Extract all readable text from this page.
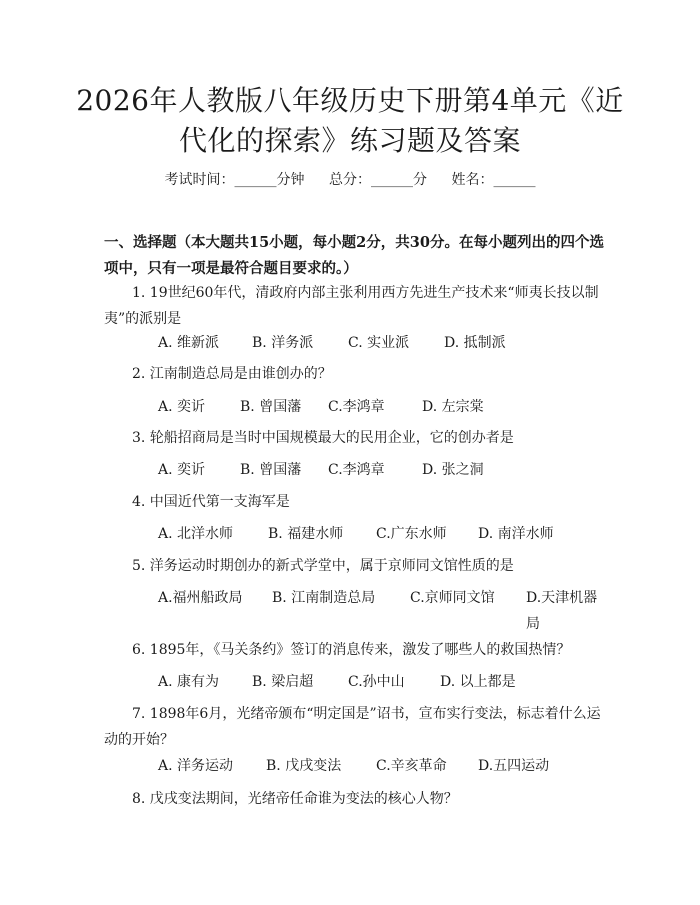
2026年人教版八年级历史下册第4单元《近
代化的探索》练习题及答案
考试时间：______分钟 总分：______分 姓名：______
一、选择题（本大题共15小题，每小题2分，共30分。在每小题列出的四个选项中，只有一项是最符合题目要求的。）
1. 19世纪60年代，清政府内部主张利用西方先进生产技术来“师夷长技以制夷”的派别是
A. 维新派 B. 洋务派 C. 实业派 D. 抵制派
2. 江南制造总局是由谁创办的？
A. 奕䜣 B. 曾国藩 C.李鸿章	D. 左宗棠
3. 轮船招商局是当时中国规模最大的民用企业，它的创办者是
A. 奕䜣 B. 曾国藩 C.李鸿章	D. 张之洞
4. 中国近代第一支海军是
A. 北洋水师 B. 福建水师 C.广东水师 D. 南洋水师
5. 洋务运动时期创办的新式学堂中，属于京师同文馆性质的是
A.福州船政局 B. 江南制造总局 C.京师同文馆 D.天津机器局
6. 1895年，《马关条约》签订的消息传来，激发了哪些人的救国热情？
A. 康有为 B. 梁启超 C.孙中山	D. 以上都是
7. 1898年6月，光绪帝颁布“明定国是”诏书，宣布实行变法，标志着什么运动的开始？
A. 洋务运动 B. 戊戌变法 C.辛亥革命 D.五四运动
8. 戊戌变法期间，光绪帝任命谁为变法的核心人物？
